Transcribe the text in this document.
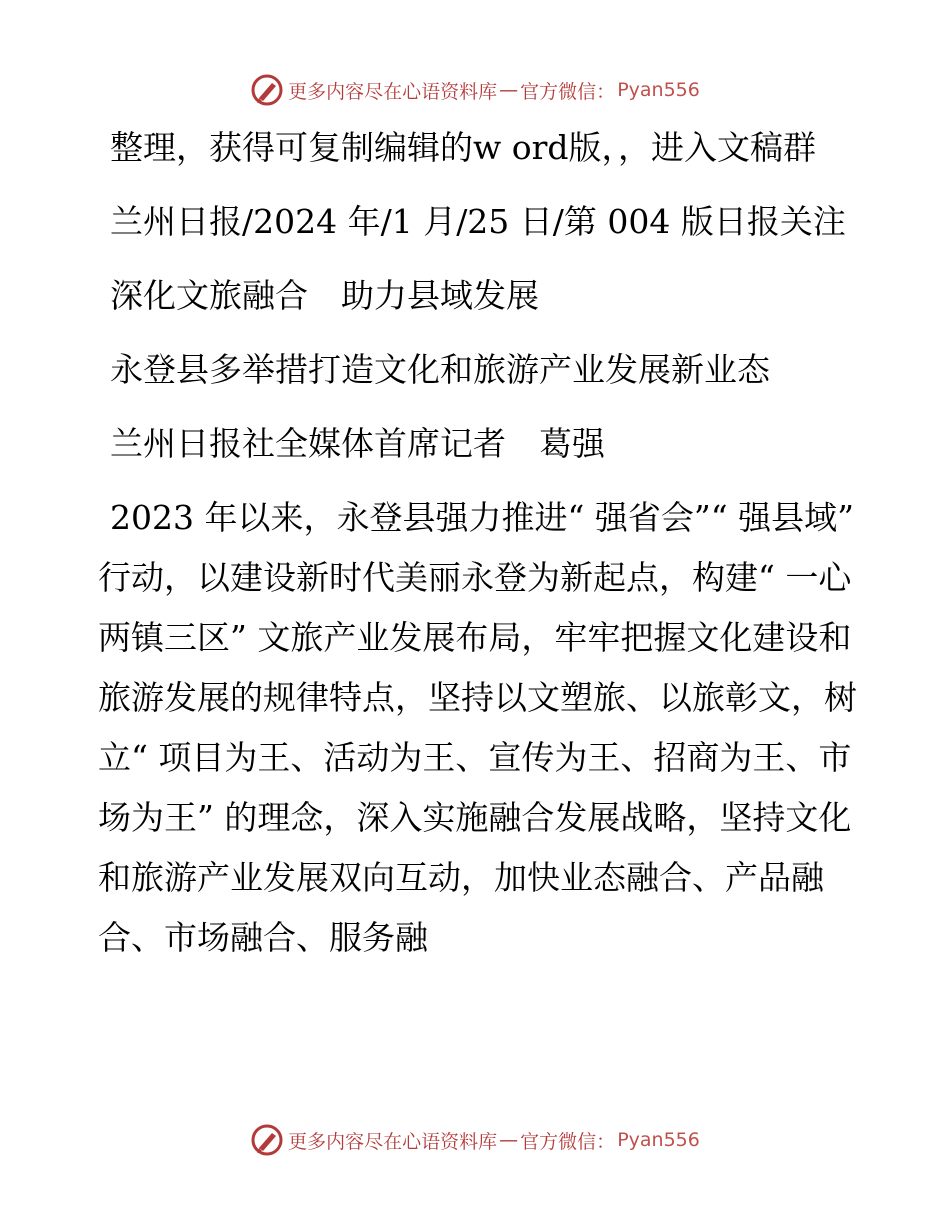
更多内容尽在心语资料库 — 官方微信： Pyan556

整理，获得可复制编辑的w ord版，，进入文稿群

兰州日报/2024 年/1 月/25 日/第 004 版日报关注

深化文旅融合　助力县域发展

永登县多举措打造文化和旅游产业发展新业态

兰州日报社全媒体首席记者　葛强

2023 年以来，永登县强力推进“ 强省会”“ 强县域” 行动，以建设新时代美丽永登为新起点，构建“ 一心两镇三区” 文旅产业发展布局，牢牢把握文化建设和旅游发展的规律特点，坚持以文塑旅、以旅彰文，树立“ 项目为王、活动为王、宣传为王、招商为王、市场为王” 的理念，深入实施融合发展战略，坚持文化和旅游产业发展双向互动，加快业态融合、产品融合、市场融合、服务融

更多内容尽在心语资料库 — 官方微信： Pyan556
